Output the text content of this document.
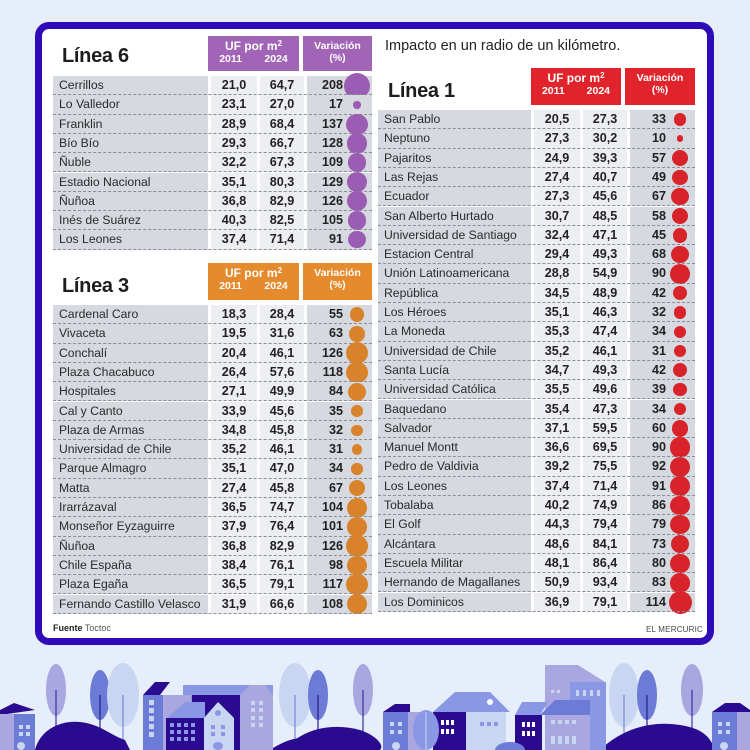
Impacto en un radio de un kilómetro.
Línea 6	UF por $m^2$
2011 2024
Variación
(%)
Cerrillos	21,0	64,7	208
Lo Valledor	23,1	27,0	17
Franklin	28,9	68,4	137
Bío Bío	29,3	66,7	128
Ñuble	32,2	67,3	109
Estadio Nacional	35,1	80,3	129
Ñuñoa	36,8	82,9	126
Inés de Suárez	40,3	82,5	105
Los Leones	37,4	71,4	91
Línea 3
UF por $m^2$
2011 2024
Variación
(%)
Cardenal Caro	18,3	28,4	55
Vivaceta	19,5	31,6	63
Conchalí	20,4	46,1	126
Plaza Chacabuco	26,4	57,6	118
Hospitales	27,1	49,9	84
Cal y Canto	33,9	45,6	35
Plaza de Armas	34,8	45,8	32
Universidad de Chile	35,2	46,1	31
Parque Almagro	35,1	47,0	34
Matta	27,4	45,8	67
Irarrázaval	36,5	74,7	104
Monseñor Eyzaguirre	37,9	76,4	101
Ñuñoa	36,8	82,9	126
Chile España	38,4	76,1	98
Plaza Egaña	36,5	79,1	117
Fernando Castillo Velasco	31,9	66,6	108
Línea 1
UF por $m^2$
2011 2024
Variación
(%)
San Pablo	20,5	27,3	33
Neptuno	27,3	30,2	10
Pajaritos	24,9	39,3	57
Las Rejas	27,4	40,7	49
Ecuador	27,3	45,6	67
San Alberto Hurtado	30,7	48,5	58
Universidad de Santiago	32,4	47,1	45
Estacion Central	29,4	49,3	68
Unión Latinoamericana	28,8	54,9	90
República	34,5	48,9	42
Los Héroes	35,1	46,3	32
La Moneda	35,3	47,4	34
Universidad de Chile	35,2	46,1	31
Santa Lucía	34,7	49,3	42
Universidad Católica	35,5	49,6	39
Baquedano	35,4	47,3	34
Salvador	37,1	59,5	60
Manuel Montt	36,6	69,5	90
Pedro de Valdivia	39,2	75,5	92
Los Leones	37,4	71,4	91
Tobalaba	40,2	74,9	86
El Golf	44,3	79,4	79
Alcántara	48,6	84,1	73
Escuela Militar	48,1	86,4	80
Hernando de Magallanes	50,9	93,4	83
Los Dominicos	36,9	79,1	114
Fuente Toctoc	EL MERCURIC
